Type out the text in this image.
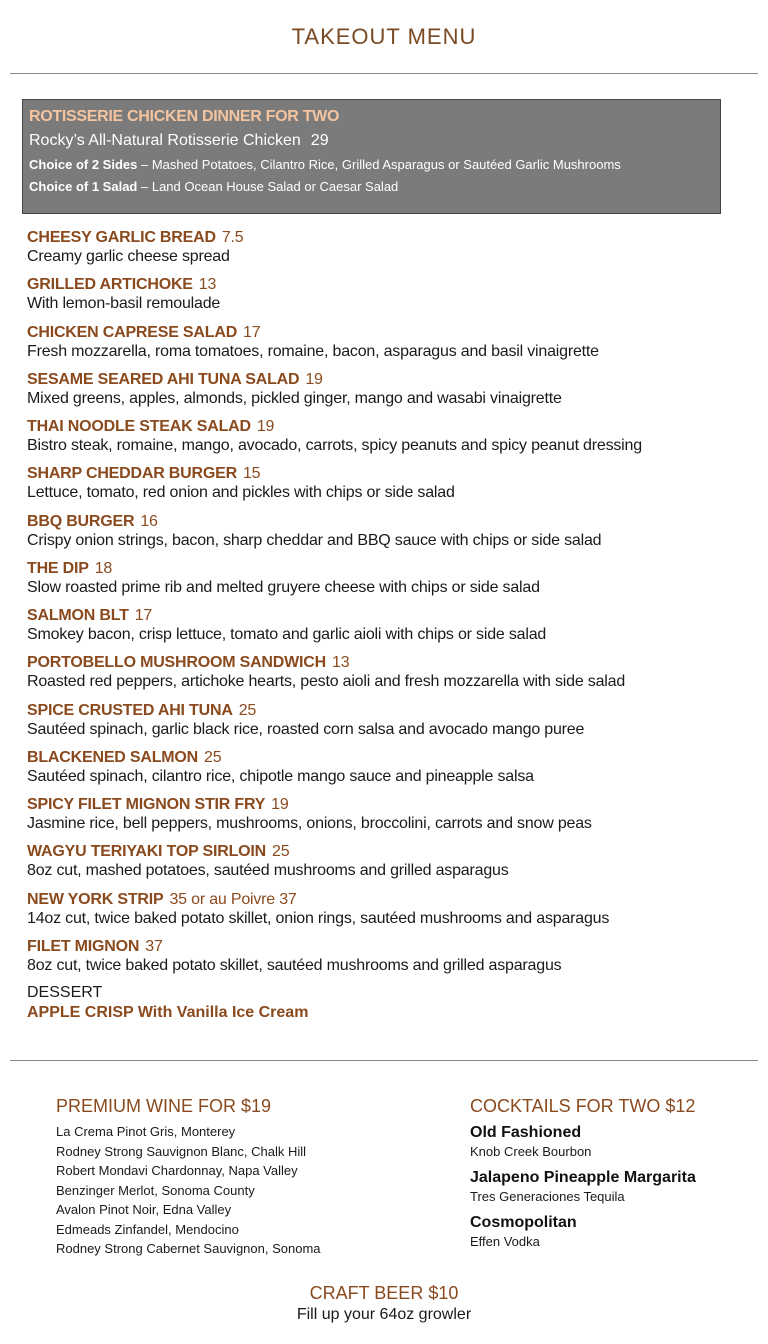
TAKEOUT MENU
ROTISSERIE CHICKEN DINNER FOR TWO
Rocky’s All-Natural Rotisserie Chicken 29
Choice of 2 Sides – Mashed Potatoes, Cilantro Rice, Grilled Asparagus or Sautéed Garlic Mushrooms
Choice of 1 Salad – Land Ocean House Salad or Caesar Salad
CHEESY GARLIC BREAD 7.5
Creamy garlic cheese spread
GRILLED ARTICHOKE 13
With lemon-basil remoulade
CHICKEN CAPRESE SALAD 17
Fresh mozzarella, roma tomatoes, romaine, bacon, asparagus and basil vinaigrette
SESAME SEARED AHI TUNA SALAD 19
Mixed greens, apples, almonds, pickled ginger, mango and wasabi vinaigrette
THAI NOODLE STEAK SALAD 19
Bistro steak, romaine, mango, avocado, carrots, spicy peanuts and spicy peanut dressing
SHARP CHEDDAR BURGER 15
Lettuce, tomato, red onion and pickles with chips or side salad
BBQ BURGER 16
Crispy onion strings, bacon, sharp cheddar and BBQ sauce with chips or side salad
THE DIP 18
Slow roasted prime rib and melted gruyere cheese with chips or side salad
SALMON BLT 17
Smokey bacon, crisp lettuce, tomato and garlic aioli with chips or side salad
PORTOBELLO MUSHROOM SANDWICH 13
Roasted red peppers, artichoke hearts, pesto aioli and fresh mozzarella with side salad
SPICE CRUSTED AHI TUNA 25
Sautéed spinach, garlic black rice, roasted corn salsa and avocado mango puree
BLACKENED SALMON 25
Sautéed spinach, cilantro rice, chipotle mango sauce and pineapple salsa
SPICY FILET MIGNON STIR FRY 19
Jasmine rice, bell peppers, mushrooms, onions, broccolini, carrots and snow peas
WAGYU TERIYAKI TOP SIRLOIN 25
8oz cut, mashed potatoes, sautéed mushrooms and grilled asparagus
NEW YORK STRIP 35 or au Poivre 37
14oz cut, twice baked potato skillet, onion rings, sautéed mushrooms and asparagus
FILET MIGNON 37
8oz cut, twice baked potato skillet, sautéed mushrooms and grilled asparagus
DESSERT
APPLE CRISP With Vanilla Ice Cream
PREMIUM WINE FOR $19
La Crema Pinot Gris, Monterey
Rodney Strong Sauvignon Blanc, Chalk Hill
Robert Mondavi Chardonnay, Napa Valley
Benzinger Merlot, Sonoma County
Avalon Pinot Noir, Edna Valley
Edmeads Zinfandel, Mendocino
Rodney Strong Cabernet Sauvignon, Sonoma
COCKTAILS FOR TWO $12
Old Fashioned
Knob Creek Bourbon
Jalapeno Pineapple Margarita
Tres Generaciones Tequila
Cosmopolitan
Effen Vodka
CRAFT BEER $10
Fill up your 64oz growler
